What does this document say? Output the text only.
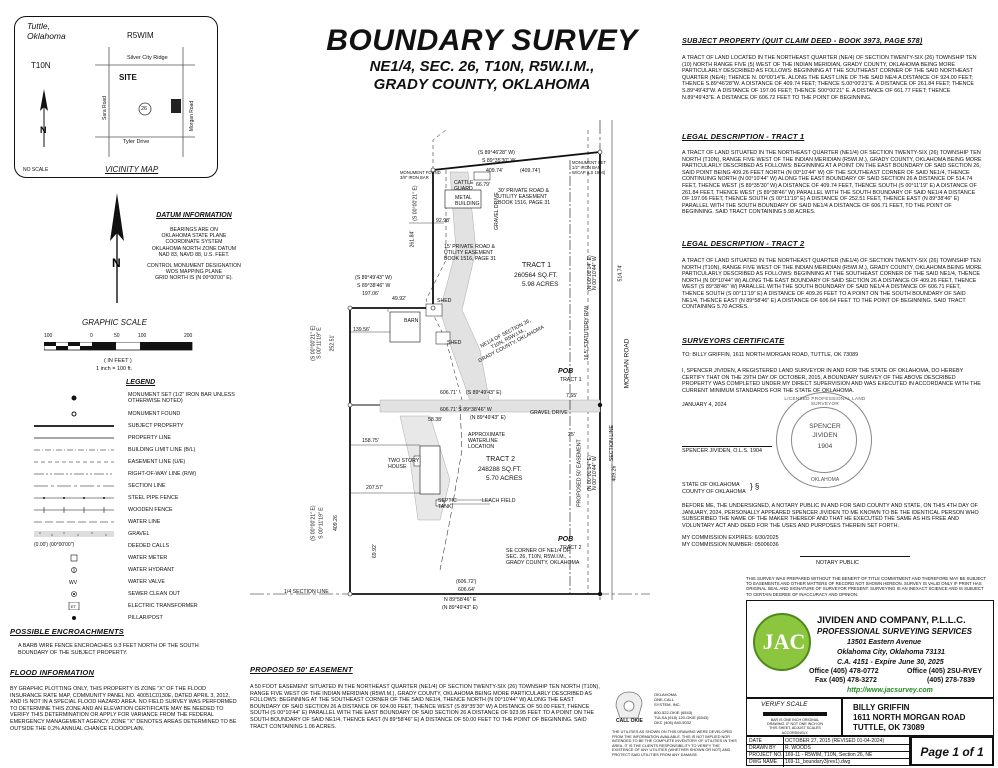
Tuttle,
Oklahoma
T10N
R5WIM
N
Silver City Ridge
Tyler Drive
Sara Road	Morgan Road
SITE
26
NO SCALE	VICINITY MAP
N
DATUM INFORMATION
BEARINGS ARE ON
OKLAHOMA STATE PLANE
COORDINATE SYSTEM
OKLAHOMA NORTH ZONE DATUM
NAD 83, NAVD 88, U.S. FEET.
CONTROL MONUMENT DESIGNATION
WOS MAPPING PLANE
GRID NORTH IS (N 00°00'00" E).
GRAPHIC SCALE
100	0	50	100	200
( IN FEET )
1 inch = 100 ft.
LEGEND
MONUMENT SET (1/2" IRON BAR UNLESS OTHERWISE NOTED)
MONUMENT FOUND
SUBJECT PROPERTY
PROPERTY LINE
BUILDING LIMIT LINE (B/L)
EASEMENT LINE (U/E)
RIGHT-OF-WAY LINE (R/W)
SECTION LINE
STEEL PIPE FENCE
WOODEN FENCE
WATER LINE
GRAVEL
(0.00') (00°00'00")	DEEDED CALLS
WATER METER
WATER HYDRANT
WV	WATER VALVE
SEWER CLEAN OUT
ET	ELECTRIC TRANSFORMER
PILLAR/POST
POSSIBLE ENCROACHMENTS
A BARB WIRE FENCE ENCROACHES 9.3 FEET NORTH OF THE SOUTH BOUNDARY OF THE SUBJECT PROPERTY.
FLOOD INFORMATION
BY GRAPHIC PLOTTING ONLY, THIS PROPERTY IS ZONE "X" OF THE FLOOD INSURANCE RATE MAP, COMMUNITY PANEL NO. 40051C0130E, DATED APRIL 3, 2012, AND IS NOT IN A SPECIAL FLOOD HAZARD AREA. NO FIELD SURVEY WAS PERFORMED TO DETERMINE THIS ZONE AND AN ELEVATION CERTIFICATE MAY BE NEEDED TO VERIFY THIS DETERMINATION OR APPLY FOR VARIANCE FROM THE FEDERAL EMERGENCY MANAGEMENT AGENCY. ZONE "X" DENOTES AREAS DETERMINED TO BE OUTSIDE THE 0.2% ANNUAL CHANCE FLOODPLAIN.
BOUNDARY SURVEY
NE1/4, SEC. 26, T10N, R5W.I.M.,
GRADY COUNTY, OKLAHOMA
(S 89°46'28" W)
S 89°35'30" W
409.74'	(409.74')
CATTLE
GUARD
66.79'
METAL
BUILDING
92.98'
30' PRIVATE ROAD &
UTILITY EASEMENT
BOOK 1516, PAGE 31
15' PRIVATE ROAD &
UTILITY EASEMENT
BOOK 1516, PAGE 31
GRAVEL DRIVE
(S 00°00'21" E)
261.84'
(S 89°49'43" W)
S 89°38'46" W
197.06'
49.92'
139.56'
SHED
SHED
BARN
TRACT 1
260564 SQ.FT.
5.98 ACRES
NE1/4 OF SECTION 26,
T10N, R5W.I.M.,
GRADY COUNTY, OKLAHOMA
POB
TRACT 1
(S 00°00'21" E) S 00°11'19" E 252.51'
606.71' (S 89°49'43" E)
606.71' S 89°38'46" W
(N 89°49'43" E)
7.65'
GRAVEL DRIVE
58.38'
158.75'
APPROXIMATE
WATERLINE
LOCATION
TWO STORY
HOUSE
TRACT 2
248288 SQ.FT.
5.70 ACRES
207.57'
LEACH FIELD
SEPTIC
TANK
(S 00°00'21" E) S 00°11'19" E 409.26
SE CORNER OF NE1/4 OF
SEC. 26, T10N, R5W.I.M.,
GRADY COUNTY, OKLAHOMA
POB
TRACT 2
(606.72')
606.64'
N 89°58'46" E
(N 89°49'43" E)
(N 00°00'14" E)
N 00°10'44" W	514.74'
(N 00°00'14" E)
N 00°10'44" W	409.26'
SECTION LINE
16.5' STATUTORY R/W
MORGAN ROAD
PROPOSED 50' EASEMENT
25'
1/4 SECTION LINE
69.92'
MONUMENT SET
1/2" IRON BAR
W/CAP (LS 1904)
MONUMENT FOUND
3/8" IRON BAR
PROPOSED 50' EASEMENT
A 50 FOOT EASEMENT SITUATED IN THE NORTHEAST QUARTER (NE1/4) OF SECTION TWENTY-SIX (26) TOWNSHIP TEN NORTH (T10N), RANGE FIVE WEST OF THE INDIAN MERIDIAN (R5WI.M.), GRADY COUNTY, OKLAHOMA BEING MORE PARTICULARLY DESCRIBED AS FOLLOWS: BEGINNING AT THE SOUTHEAST CORNER OF THE SAID NE1/4, THENCE NORTH (N 00°10'44" W) ALONG THE EAST BOUNDARY OF SAID SECTION 26 A DISTANCE OF 924.00 FEET, THENCE WEST (S 89°35'30" W) A DISTANCE OF 50.00 FEET, THENCE SOUTH (S 00°10'44" E) PARALLEL WITH THE EAST BOUNDARY OF SAID SECTION 26 A DISTANCE OF 923.95 FEET TO A POINT ON THE SOUTH BOUNDARY OF SAID NE1/4, THENCE EAST (N 89°58'46" E) A DISTANCE OF 50.00 FEET TO THE POINT OF BEGINNING. SAID TRACT CONTAINING 1.06 ACRES.
CALL OKIE
OKLAHOMA
ONE-CALL
SYSTEM, INC.
800-522-OKIE (6543)
TULSA (918) 120-OKIE (6543)
OKC (405) 840-5032
THE UTILITIES AS SHOWN ON THIS DRAWING WERE DEVELOPED FROM THE INFORMATION AVAILABLE. THIS IS NOT IMPLIED NOR INTENDED TO BE THE COMPLETE INVENTORY OF UTILITIES IN THIS AREA. IT IS THE CLIENTS RESPONSIBILITY TO VERIFY THE EXISTENCE OF ANY UTILITIES (WHETHER SHOWN OR NOT) AND PROTECT SAID UTILITIES FROM ANY DAMAGE.
SUBJECT PROPERTY (QUIT CLAIM DEED - BOOK 3973, PAGE 578)
A TRACT OF LAND LOCATED IN THE NORTHEAST QUARTER (NE/4) OF SECTION TWENTY-SIX (26) TOWNSHIP TEN (10) NORTH RANGE FIVE (5) WEST OF THE INDIAN MERIDIAN, GRADY COUNTY, OKLAHOMA BEING MORE PARTICULARLY DESCRIBED AS FOLLOWS: BEGINNING AT THE SOUTHEAST CORNER OF THE SAID NORTHEAST QUARTER (NE/4); THENCE N. 00°00'14"E. ALONG THE EAST LINE OF THE SAID NE/4 A DISTANCE OF 924.00 FEET; THENCE S.89°46'28"W. A DISTANCE OF 409.74 FEET; THENCE S.00°00'21"E. A DISTANCE OF 261.84 FEET; THENCE S.89°49'43"W. A DISTANCE OF 197.06 FEET; THENCE S00°00'21" E. A DISTANCE OF 661.77 FEET; THENCE N.89°49'43"E. A DISTANCE OF 606.72 FEET TO THE POINT OF BEGINNING.
LEGAL DESCRIPTION - TRACT 1
A TRACT OF LAND SITUATED IN THE NORTHEAST QUARTER (NE1/4) OF SECTION TWENTY-SIX (26) TOWNSHIP TEN NORTH (T10N), RANGE FIVE WEST OF THE INDIAN MERIDIAN (R5WI.M.), GRADY COUNTY, OKLAHOMA BEING MORE PARTICULARLY DESCRIBED AS FOLLOWS: BEGINNING AT A POINT ON THE EAST BOUNDARY OF SAID SECTION 26, SAID POINT BEING 409.26 FEET NORTH (N 00°10'44" W) OF THE SOUTHEAST CORNER OF SAID NE1/4, THENCE CONTINUING NORTH (N 00°10'44" W) ALONG THE EAST BOUNDARY OF SAID SECTION 26 A DISTANCE OF 514.74 FEET, THENCE WEST (S 89°35'30" W) A DISTANCE OF 409.74 FEET, THENCE SOUTH (S 00°11'19" E) A DISTANCE OF 261.84 FEET, THENCE WEST (S 89°38'46" W) PARALLEL WITH THE SOUTH BOUNDARY OF SAID NE1/4 A DISTANCE OF 197.06 FEET, THENCE SOUTH (S 00°11'19" E) A DISTANCE OF 252.51 FEET, THENCE EAST (N 89°38'46" E) PARALLEL WITH THE SOUTH BOUNDARY OF SAID NE1/4 A DISTANCE OF 606.71 FEET, TO THE POINT OF BEGINNING. SAID TRACT CONTAINING 5.98 ACRES.
LEGAL DESCRIPTION - TRACT 2
A TRACT OF LAND SITUATED IN THE NORTHEAST QUARTER (NE1/4) OF SECTION TWENTY-SIX (26) TOWNSHIP TEN NORTH (T10N), RANGE FIVE WEST OF THE INDIAN MERIDIAN (R5WI.M.), GRADY COUNTY, OKLAHOMA BEING MORE PARTICULARLY DESCRIBED AS FOLLOWS: BEGINNING AT THE SOUTHEAST CORNER OF THE SAID NE1/4, THENCE NORTH (N 00°10'44" W) ALONG THE EAST BOUNDARY OF SAID SECTION 26 A DISTANCE OF 409.26 FEET, THENCE WEST (S 89°38'46" W) PARALLEL WITH THE SOUTH BOUNDARY OF SAID NE1/4 A DISTANCE OF 606.71 FEET, THENCE SOUTH (S 00°11'19" E) A DISTANCE OF 409.26 FEET TO A POINT ON THE SOUTH BOUNDARY OF SAID NE1/4, THENCE EAST (N 89°58'46" E) A DISTANCE OF 606.64 FEET TO THE POINT OF BEGINNING. SAID TRACT CONTAINING 5.70 ACRES.
SURVEYORS CERTIFICATE
TO: BILLY GRIFFIN, 1611 NORTH MORGAN ROAD, TUTTLE, OK 73089
I, SPENCER JIVIDEN, A REGISTERED LAND SURVEYOR IN AND FOR THE STATE OF OKLAHOMA, DO HEREBY CERTIFY THAT ON THE 29TH DAY OF OCTOBER, 2015, A BOUNDARY SURVEY OF THE ABOVE DESCRIBED PROPERTY WAS COMPLETED UNDER MY DIRECT SUPERVISION AND WAS EXECUTED IN ACCORDANCE WITH THE CURRENT MINIMUM STANDARDS FOR THE STATE OF OKLAHOMA.
JANUARY 4, 2024
LICENSED PROFESSIONAL LAND SURVEYOR
SPENCER
JIVIDEN
1904
OKLAHOMA
SPENCER JIVIDEN, O.L.S. 1904
STATE OF OKLAHOMA
COUNTY OF OKLAHOMA
} §
BEFORE ME, THE UNDERSIGNED, A NOTARY PUBLIC IN AND FOR SAID COUNTY AND STATE, ON THIS 4TH DAY OF JANUARY, 2024, PERSONALLY APPEARED SPENCER JIVIDEN TO ME KNOWN TO BE THE IDENTICAL PERSON WHO SUBSCRIBED THE NAME OF THE MAKER THEREOF AND THAT HE EXECUTED THE SAME AS HIS FREE AND VOLUNTARY ACT AND DEED FOR THE USES AND PURPOSES THEREIN SET FORTH.
MY COMMISSION EXPIRES: 6/30/2025
MY COMMISSION NUMBER: 05006036
NOTARY PUBLIC
THIS SURVEY WAS PREPARED WITHOUT THE BENEFIT OF TITLE COMMITMENT AND THEREFORE MAY BE SUBJECT TO EASEMENTS AND OTHER MATTERS OF RECORD NOT SHOWN HEREON. SURVEY IS VALID ONLY IF PRINT HAS ORIGINAL SEAL AND SIGNATURE OF SURVEYOR PRESENT. SURVEYING IS AN INEXACT SCIENCE AND IS SUBJECT TO CERTAIN DEGREE OF INACCURACY AND OPINION.
JAC
JIVIDEN AND COMPANY, P.L.L.C.
PROFESSIONAL SURVEYING SERVICES
13501 Eastern Avenue
Oklahoma City, Oklahoma 73131
C.A. 4151 - Expire June 30, 2025
Office (405) 478-0772	Office (405) 2SU-RVEY
Fax (405) 478-3272	(405) 278-7839
http://www.jacsurvey.com
VERIFY SCALE
BAR IS ONE INCH ORIGINAL DRAWING. IF NOT ONE INCH ON THIS SHEET, ADJUST SCALES ACCORDINGLY.
BILLY GRIFFIN
1611 NORTH MORGAN ROAD
TUTTLE, OK 73089
DATE	OCTOBER 27, 2015 (REVISED 01-04-2024)
DRAWN BY R. WOODS
PROJECT NO. 169-11 - R5WIM, T10N, Section 26, NE
DWG NAME 169-11_boundary3(rev1).dwg
Page 1 of 1
